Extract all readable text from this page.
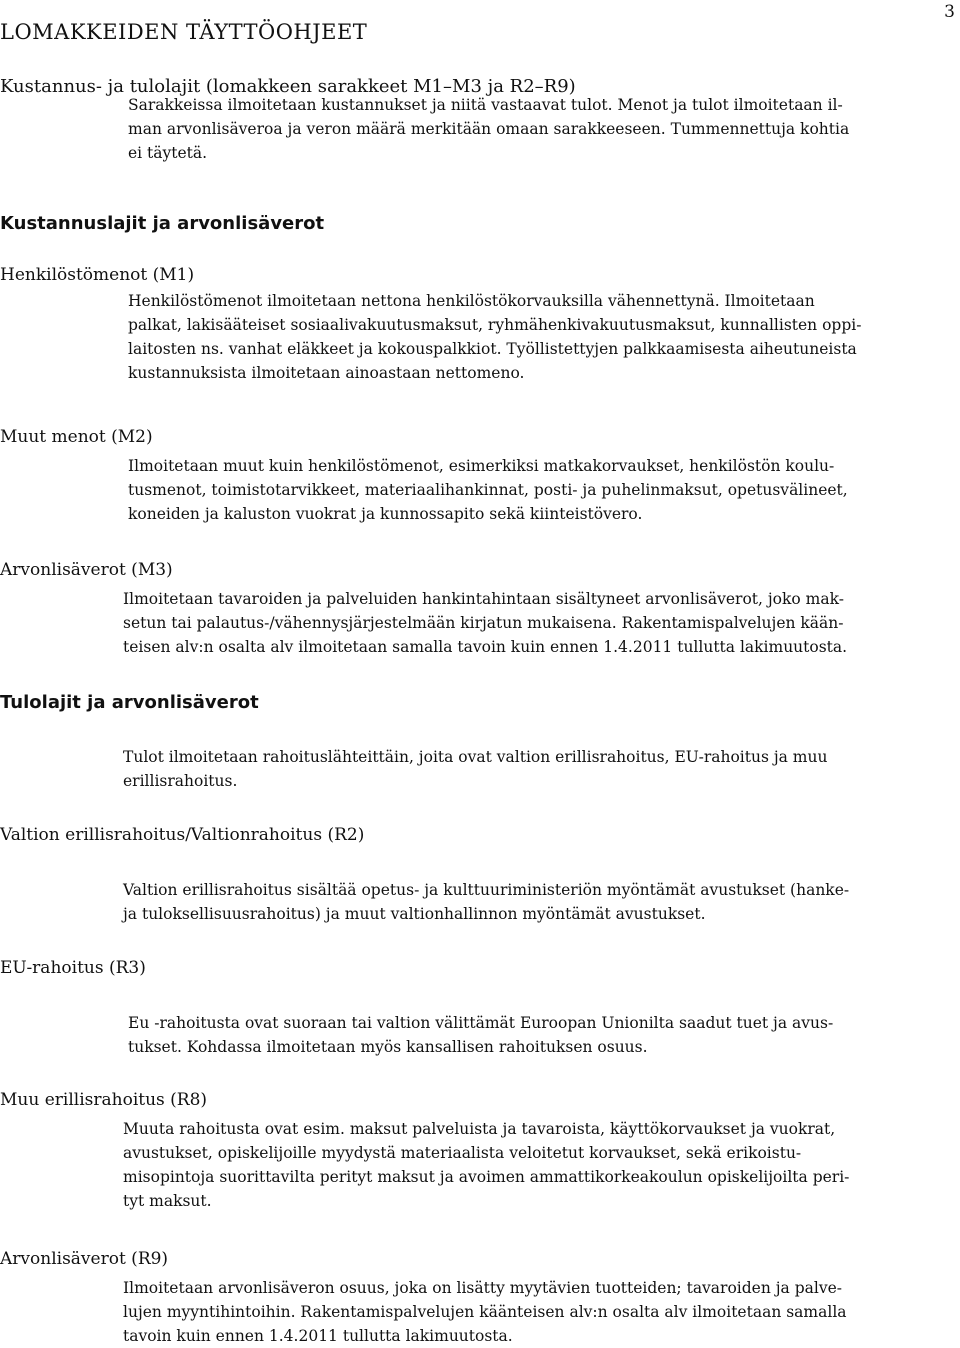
LOMAKKEIDEN TÄYTTÖOHJEET
3
Kustannus- ja tulolajit (lomakkeen sarakkeet M1–M3 ja R2–R9)
Sarakkeissa ilmoitetaan kustannukset ja niitä vastaavat tulot. Menot ja tulot ilmoitetaan il-
man arvonlisäveroa ja veron määrä merkitään omaan sarakkeeseen. Tummennettuja kohtia
ei täytetä.
Kustannuslajit ja arvonlisäverot
Henkilöstömenot (M1)
Henkilöstömenot ilmoitetaan nettona henkilöstökorvauksilla vähennettynä. Ilmoitetaan
palkat, lakisääteiset sosiaalivakuutusmaksut, ryhmähenkivakuutusmaksut, kunnallisten oppi-
laitosten ns. vanhat eläkkeet ja kokouspalkkiot. Työllistettyjen palkkaamisesta aiheutuneista
kustannuksista ilmoitetaan ainoastaan nettomeno.
Muut menot (M2)
Ilmoitetaan muut kuin henkilöstömenot, esimerkiksi matkakorvaukset, henkilöstön koulu-
tusmenot, toimistotarvikkeet, materiaalihankinnat, posti- ja puhelinmaksut, opetusvälineet,
koneiden ja kaluston vuokrat ja kunnossapito sekä kiinteistövero.
Arvonlisäverot (M3)
Ilmoitetaan tavaroiden ja palveluiden hankintahintaan sisältyneet arvonlisäverot, joko mak-
setun tai palautus-/vähennysjärjestelmään kirjatun mukaisena. Rakentamispalvelujen kään-
teisen alv:n osalta alv ilmoitetaan samalla tavoin kuin ennen 1.4.2011 tullutta lakimuutosta.
Tulolajit ja arvonlisäverot
Tulot ilmoitetaan rahoituslähteittäin, joita ovat valtion erillisrahoitus, EU-rahoitus ja muu
erillisrahoitus.
Valtion erillisrahoitus/Valtionrahoitus (R2)
Valtion erillisrahoitus sisältää opetus- ja kulttuuriministeriön myöntämät avustukset (hanke-
ja tuloksellisuusrahoitus) ja muut valtionhallinnon myöntämät avustukset.
EU-rahoitus (R3)
Eu -rahoitusta ovat suoraan tai valtion välittämät Euroopan Unionilta saadut tuet ja avus-
tukset. Kohdassa ilmoitetaan myös kansallisen rahoituksen osuus.
Muu erillisrahoitus (R8)
Muuta rahoitusta ovat esim. maksut palveluista ja tavaroista, käyttökorvaukset ja vuokrat,
avustukset, opiskelijoille myydystä materiaalista veloitetut korvaukset, sekä erikoistu-
misopintoja suorittavilta perityt maksut ja avoimen ammattikorkeakoulun opiskelijoilta peri-
tyt maksut.
Arvonlisäverot (R9)
Ilmoitetaan arvonlisäveron osuus, joka on lisätty myytävien tuotteiden; tavaroiden ja palve-
lujen myyntihintoihin. Rakentamispalvelujen käänteisen alv:n osalta alv ilmoitetaan samalla
tavoin kuin ennen 1.4.2011 tullutta lakimuutosta.
